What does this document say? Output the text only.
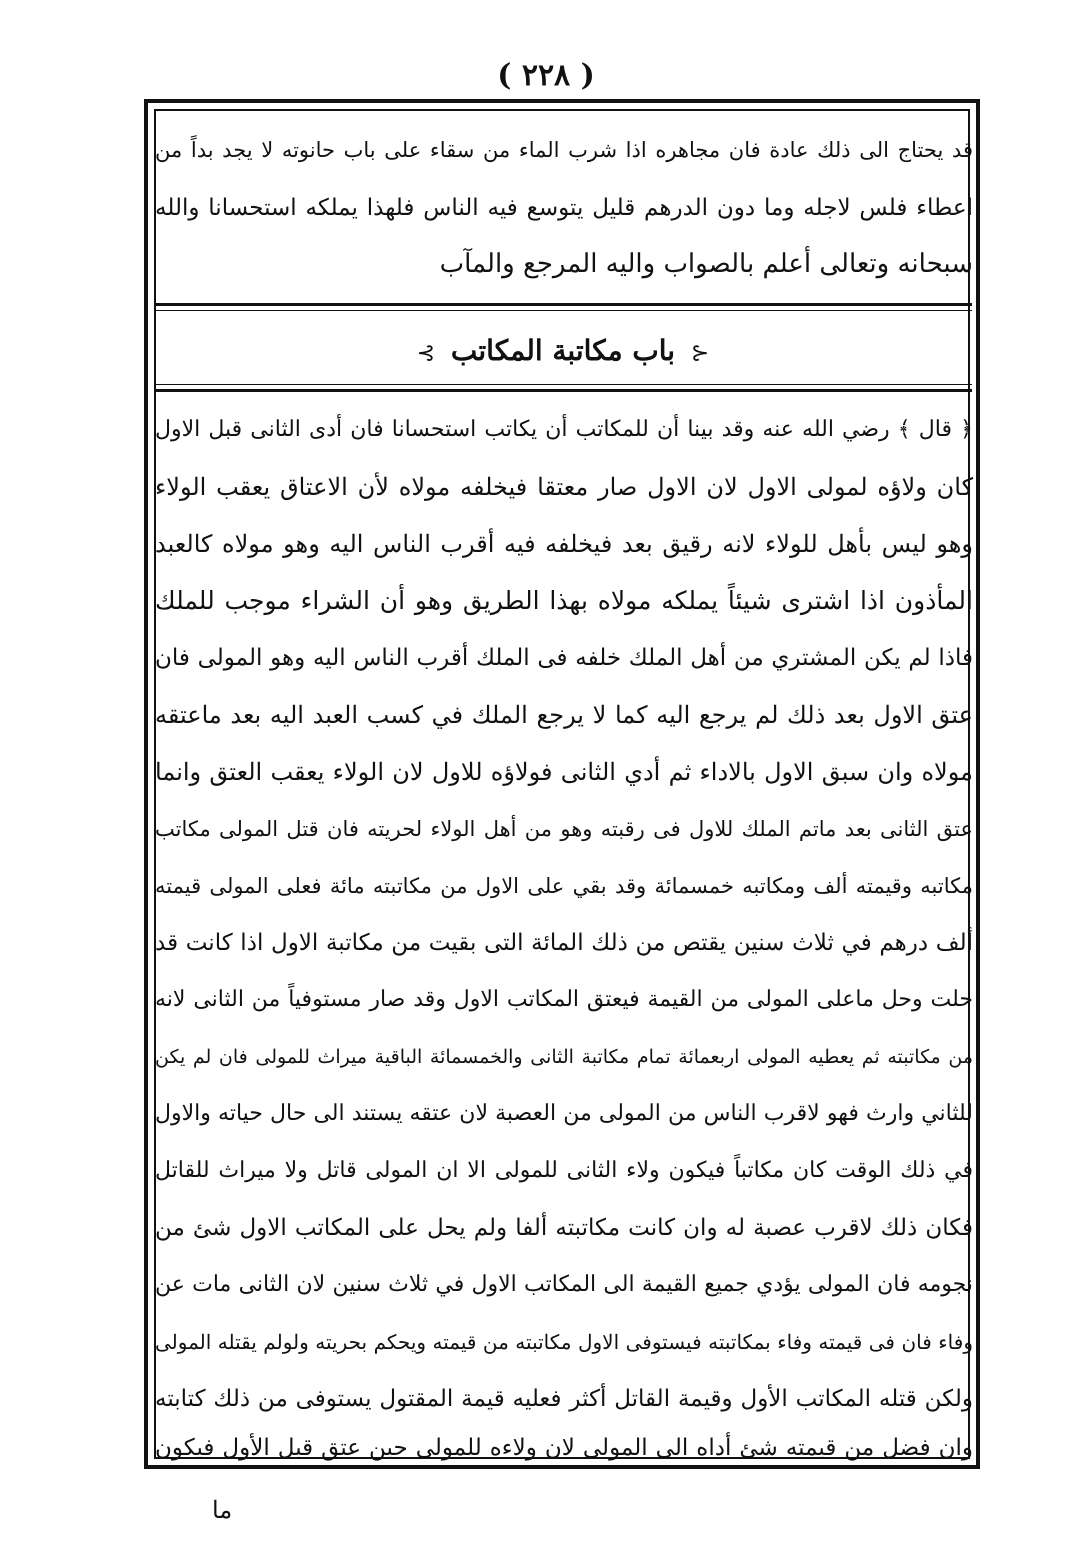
( ٢٢٨ )
قد يحتاج الى ذلك عادة فان مجاهره اذا شرب الماء من سقاء على باب حانوته لا يجد بداً من
اعطاء فلس لاجله وما دون الدرهم قليل يتوسع فيه الناس فلهذا يملكه استحسانا والله
سبحانه وتعالى أعلم بالصواب واليه المرجع والمآب
⊰ باب مكاتبة المكاتب ⊱
﴿ قال ﴾ رضي الله عنه وقد بينا أن للمكاتب أن يكاتب استحسانا فان أدى الثانى قبل الاول
كان ولاؤه لمولى الاول لان الاول صار معتقا فيخلفه مولاه لأن الاعتاق يعقب الولاء
وهو ليس بأهل للولاء لانه رقيق بعد فيخلفه فيه أقرب الناس اليه وهو مولاه كالعبد
المأذون اذا اشترى شيئاً يملكه مولاه بهذا الطريق وهو أن الشراء موجب للملك
فاذا لم يكن المشتري من أهل الملك خلفه فى الملك أقرب الناس اليه وهو المولى فان
عتق الاول بعد ذلك لم يرجع اليه كما لا يرجع الملك في كسب العبد اليه بعد ماعتقه
مولاه وان سبق الاول بالاداء ثم أدي الثانى فولاؤه للاول لان الولاء يعقب العتق وانما
عتق الثانى بعد ماتم الملك للاول فى رقبته وهو من أهل الولاء لحريته فان قتل المولى مكاتب
مكاتبه وقيمته ألف ومكاتبه خمسمائة وقد بقي على الاول من مكاتبته مائة فعلى المولى قيمته
ألف درهم في ثلاث سنين يقتص من ذلك المائة التى بقيت من مكاتبة الاول اذا كانت قد
حلت وحل ماعلى المولى من القيمة فيعتق المكاتب الاول وقد صار مستوفياً من الثانى لانه
من مكاتبته ثم يعطيه المولى اربعمائة تمام مكاتبة الثانى والخمسمائة الباقية ميراث للمولى فان لم يكن
للثاني وارث فهو لاقرب الناس من المولى من العصبة لان عتقه يستند الى حال حياته والاول
في ذلك الوقت كان مكاتباً فيكون ولاء الثانى للمولى الا ان المولى قاتل ولا ميراث للقاتل
فكان ذلك لاقرب عصبة له وان كانت مكاتبته ألفا ولم يحل على المكاتب الاول شئ من
نجومه فان المولى يؤدي جميع القيمة الى المكاتب الاول في ثلاث سنين لان الثانى مات عن
وفاء فان فى قيمته وفاء بمكاتبته فيستوفى الاول مكاتبته من قيمته ويحكم بحريته ولولم يقتله المولى
ولكن قتله المكاتب الأول وقيمة القاتل أكثر فعليه قيمة المقتول يستوفى من ذلك كتابته
وان فضل من قيمته شئ أداه الى المولى لان ولاءه للمولى حين عتق قبل الأول فيكون
ما
